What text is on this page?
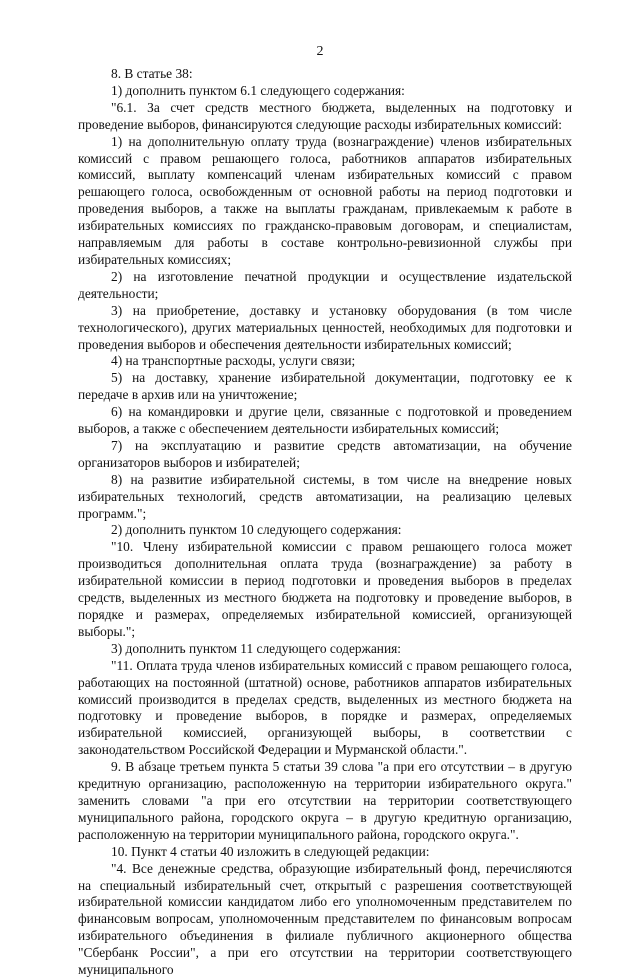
2

8. В статье 38:

1) дополнить пунктом 6.1 следующего содержания:

"6.1. За счет средств местного бюджета, выделенных на подготовку и проведение выборов, финансируются следующие расходы избирательных комиссий:

1) на дополнительную оплату труда (вознаграждение) членов избирательных комиссий с правом решающего голоса, работников аппаратов избирательных комиссий, выплату компенсаций членам избирательных комиссий с правом решающего голоса, освобожденным от основной работы на период подготовки и проведения выборов, а также на выплаты гражданам, привлекаемым к работе в избирательных комиссиях по гражданско-правовым договорам, и специалистам, направляемым для работы в составе контрольно-ревизионной службы при избирательных комиссиях;

2) на изготовление печатной продукции и осуществление издательской деятельности;

3) на приобретение, доставку и установку оборудования (в том числе технологического), других материальных ценностей, необходимых для подготовки и проведения выборов и обеспечения деятельности избирательных комиссий;

4) на транспортные расходы, услуги связи;

5) на доставку, хранение избирательной документации, подготовку ее к передаче в архив или на уничтожение;

6) на командировки и другие цели, связанные с подготовкой и проведением выборов, а также с обеспечением деятельности избирательных комиссий;

7) на эксплуатацию и развитие средств автоматизации, на обучение организаторов выборов и избирателей;

8) на развитие избирательной системы, в том числе на внедрение новых избирательных технологий, средств автоматизации, на реализацию целевых программ.";

2) дополнить пунктом 10 следующего содержания:

"10. Члену избирательной комиссии с правом решающего голоса может производиться дополнительная оплата труда (вознаграждение) за работу в избирательной комиссии в период подготовки и проведения выборов в пределах средств, выделенных из местного бюджета на подготовку и проведение выборов, в порядке и размерах, определяемых избирательной комиссией, организующей выборы.";

3) дополнить пунктом 11 следующего содержания:

"11. Оплата труда членов избирательных комиссий с правом решающего голоса, работающих на постоянной (штатной) основе, работников аппаратов избирательных комиссий производится в пределах средств, выделенных из местного бюджета на подготовку и проведение выборов, в порядке и размерах, определяемых избирательной комиссией, организующей выборы, в соответствии с законодательством Российской Федерации и Мурманской области.".

9. В абзаце третьем пункта 5 статьи 39 слова "а при его отсутствии – в другую кредитную организацию, расположенную на территории избирательного округа." заменить словами "а при его отсутствии на территории соответствующего муниципального района, городского округа – в другую кредитную организацию, расположенную на территории муниципального района, городского округа.".

10. Пункт 4 статьи 40 изложить в следующей редакции:

"4. Все денежные средства, образующие избирательный фонд, перечисляются на специальный избирательный счет, открытый с разрешения соответствующей избирательной комиссии кандидатом либо его уполномоченным представителем по финансовым вопросам, уполномоченным представителем по финансовым вопросам избирательного объединения в филиале публичного акционерного общества "Сбербанк России", а при его отсутствии на территории соответствующего муниципального
